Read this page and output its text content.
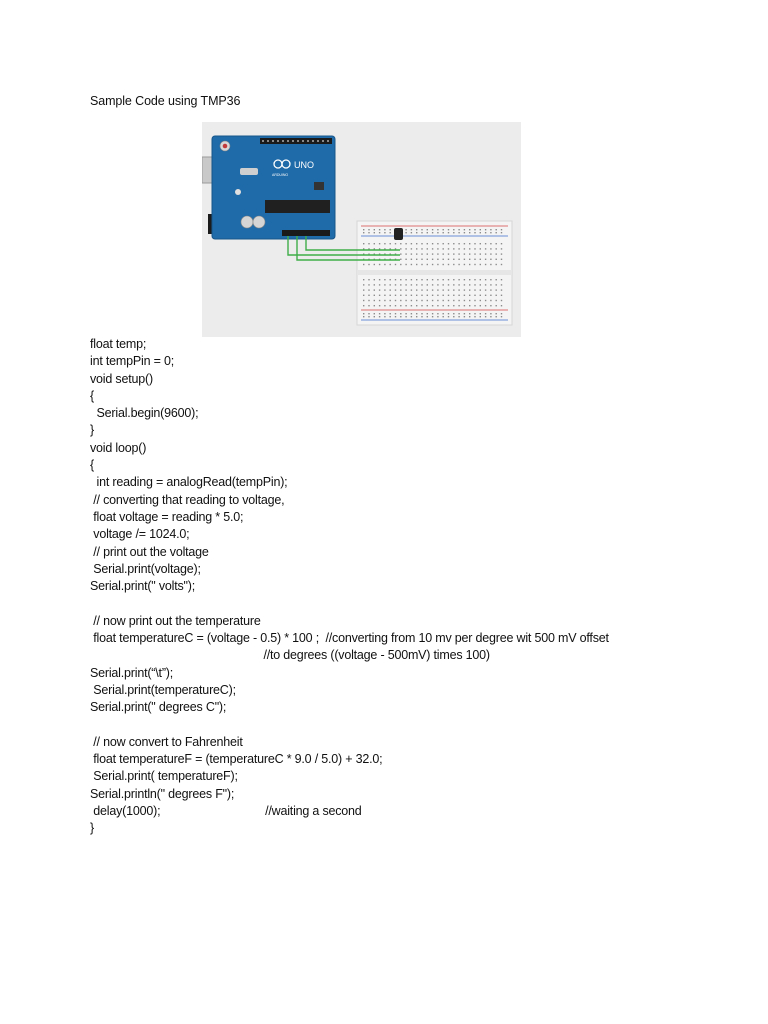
Sample Code using TMP36
UNO
ARDUINO
float temp;
int tempPin = 0;
void setup()
{
Serial.begin(9600);
}
void loop()
{
int reading = analogRead(tempPin);
// converting that reading to voltage,
float voltage = reading * 5.0;
voltage /= 1024.0;
// print out the voltage
Serial.print(voltage);
Serial.print(" volts");
// now print out the temperature
float temperatureC = (voltage - 0.5) * 100 ;  //converting from 10 mv per degree wit 500 mV offset
//to degrees ((voltage - 500mV) times 100)
Serial.print(“\t”);
Serial.print(temperatureC);
Serial.print(" degrees C");
// now convert to Fahrenheit
float temperatureF = (temperatureC * 9.0 / 5.0) + 32.0;
Serial.print( temperatureF);
Serial.println(" degrees F");
delay(1000);                                //waiting a second
}
